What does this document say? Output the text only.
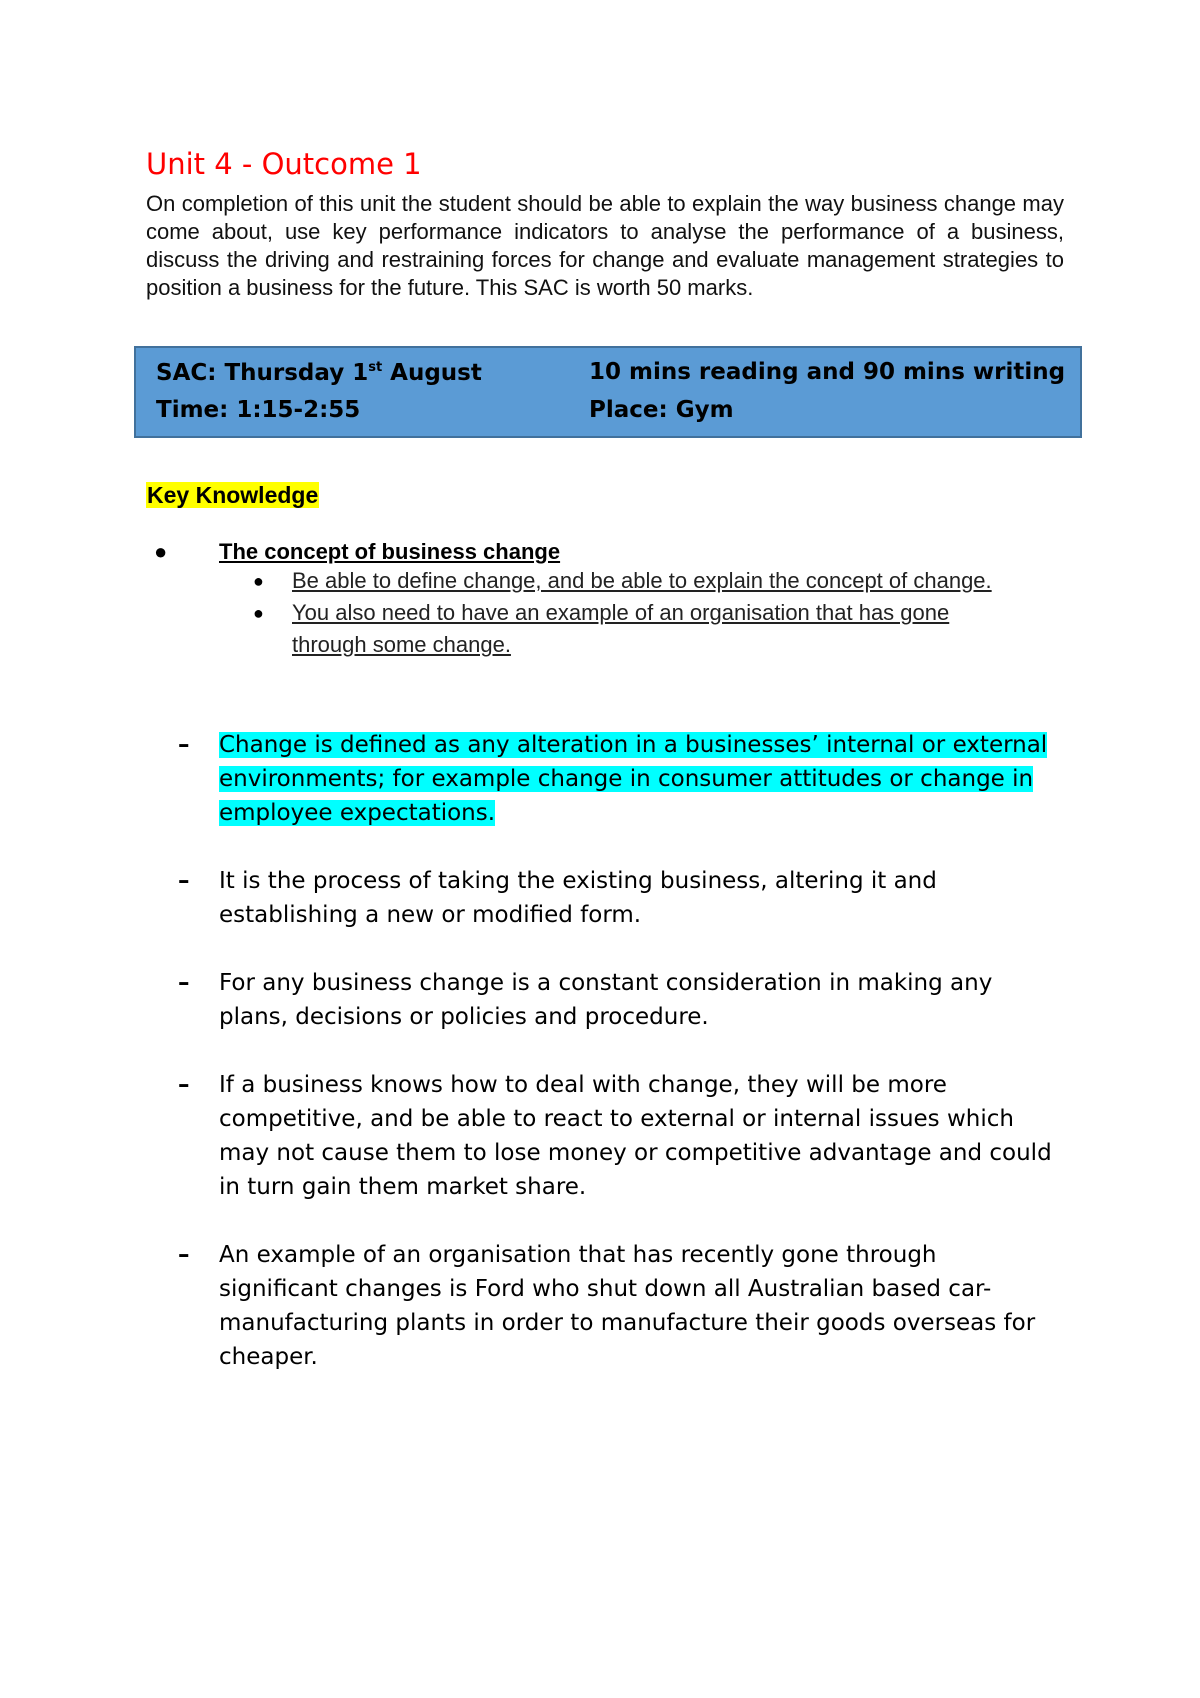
Unit 4 - Outcome 1

On completion of this unit the student should be able to explain the way business change may come about, use key performance indicators to analyse the performance of a business, discuss the driving and restraining forces for change and evaluate management strategies to position a business for the future. This SAC is worth 50 marks.

SAC: Thursday 1st August	10 mins reading and 90 mins writing
Time: 1:15-2:55	Place: Gym
Key Knowledge
● The concept of business change
● Be able to define change, and be able to explain the concept of change.
● You also need to have an example of an organisation that has gone through some change.
– Change is defined as any alteration in a businesses’ internal or external environments; for example change in consumer attitudes or change in employee expectations.
– It is the process of taking the existing business, altering it and establishing a new or modified form.
– For any business change is a constant consideration in making any plans, decisions or policies and procedure.
– If a business knows how to deal with change, they will be more competitive, and be able to react to external or internal issues which may not cause them to lose money or competitive advantage and could in turn gain them market share.
– An example of an organisation that has recently gone through significant changes is Ford who shut down all Australian based car-manufacturing plants in order to manufacture their goods overseas for cheaper.
